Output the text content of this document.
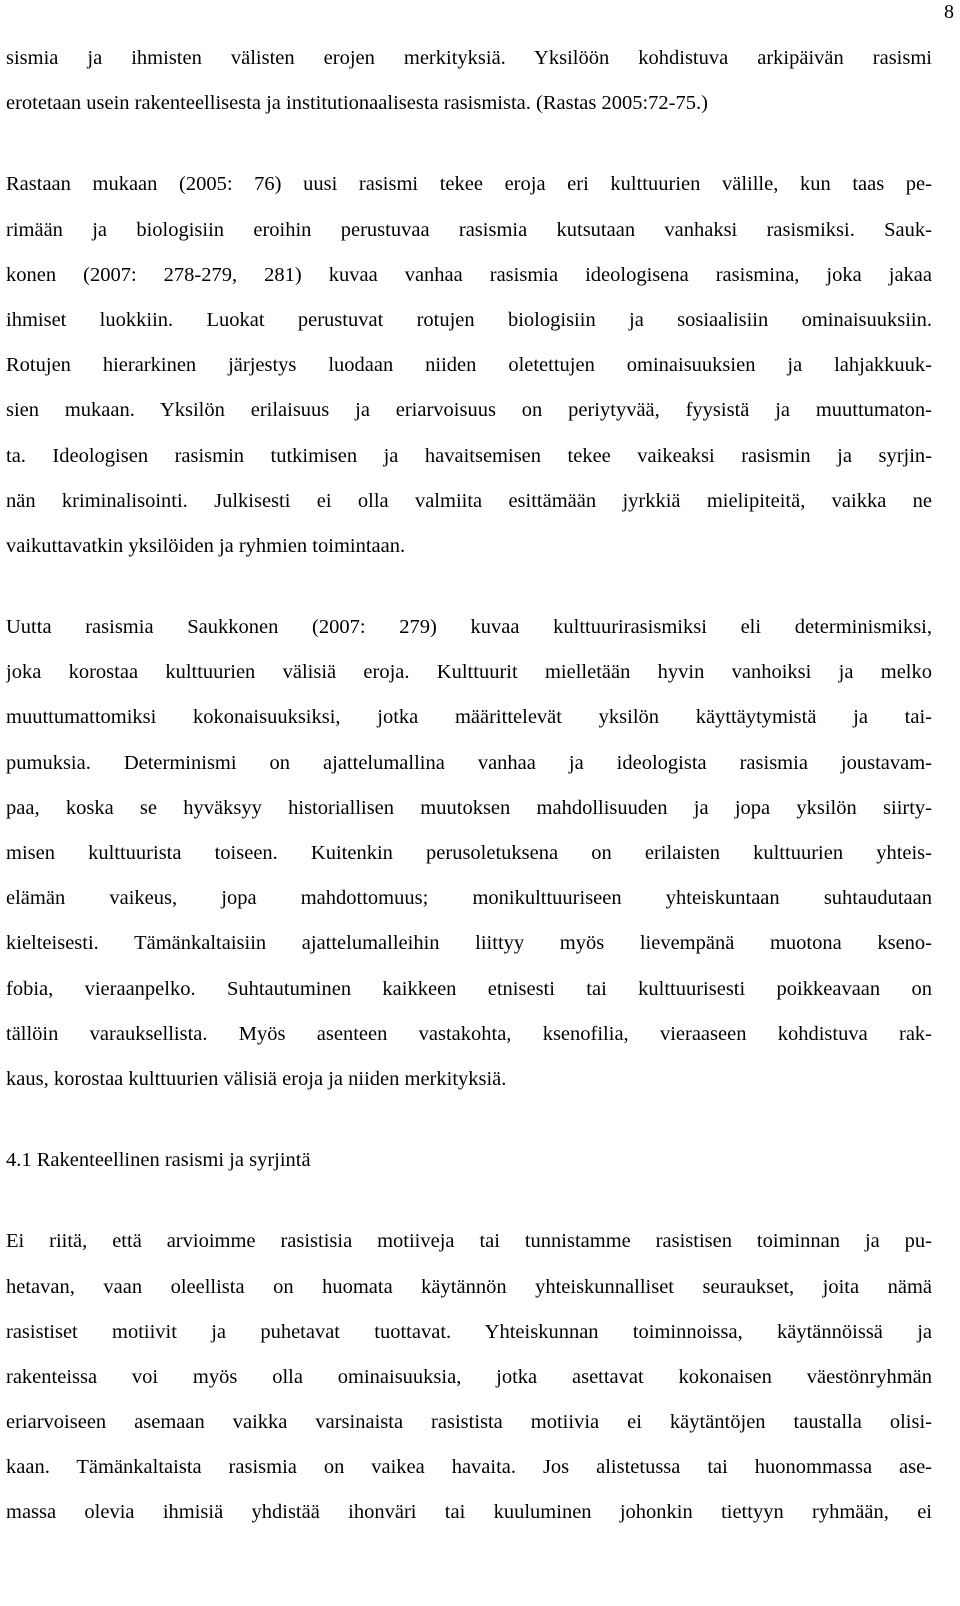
8
sismia ja ihmisten välisten erojen merkityksiä. Yksilöön kohdistuva arkipäivän rasismi
erotetaan usein rakenteellisesta ja institutionaalisesta rasismista. (Rastas 2005:72-75.)
Rastaan mukaan (2005: 76) uusi rasismi tekee eroja eri kulttuurien välille, kun taas pe-
rimään ja biologisiin eroihin perustuvaa rasismia kutsutaan vanhaksi rasismiksi. Sauk-
konen (2007: 278-279, 281) kuvaa vanhaa rasismia ideologisena rasismina, joka jakaa
ihmiset luokkiin. Luokat perustuvat rotujen biologisiin ja sosiaalisiin ominaisuuksiin.
Rotujen hierarkinen järjestys luodaan niiden oletettujen ominaisuuksien ja lahjakkuuk-
sien mukaan. Yksilön erilaisuus ja eriarvoisuus on periytyvää, fyysistä ja muuttumaton-
ta. Ideologisen rasismin tutkimisen ja havaitsemisen tekee vaikeaksi rasismin ja syrjin-
nän kriminalisointi. Julkisesti ei olla valmiita esittämään jyrkkiä mielipiteitä, vaikka ne
vaikuttavatkin yksilöiden ja ryhmien toimintaan.
Uutta rasismia Saukkonen (2007: 279) kuvaa kulttuurirasismiksi eli determinismiksi,
joka korostaa kulttuurien välisiä eroja. Kulttuurit mielletään hyvin vanhoiksi ja melko
muuttumattomiksi kokonaisuuksiksi, jotka määrittelevät yksilön käyttäytymistä ja tai-
pumuksia. Determinismi on ajattelumallina vanhaa ja ideologista rasismia joustavam-
paa, koska se hyväksyy historiallisen muutoksen mahdollisuuden ja jopa yksilön siirty-
misen kulttuurista toiseen. Kuitenkin perusoletuksena on erilaisten kulttuurien yhteis-
elämän vaikeus, jopa mahdottomuus; monikulttuuriseen yhteiskuntaan suhtaudutaan
kielteisesti. Tämänkaltaisiin ajattelumalleihin liittyy myös lievempänä muotona kseno-
fobia, vieraanpelko. Suhtautuminen kaikkeen etnisesti tai kulttuurisesti poikkeavaan on
tällöin varauksellista. Myös asenteen vastakohta, ksenofilia, vieraaseen kohdistuva rak-
kaus, korostaa kulttuurien välisiä eroja ja niiden merkityksiä.
4.1 Rakenteellinen rasismi ja syrjintä
Ei riitä, että arvioimme rasistisia motiiveja tai tunnistamme rasistisen toiminnan ja pu-
hetavan, vaan oleellista on huomata käytännön yhteiskunnalliset seuraukset, joita nämä
rasistiset motiivit ja puhetavat tuottavat. Yhteiskunnan toiminnoissa, käytännöissä ja
rakenteissa voi myös olla ominaisuuksia, jotka asettavat kokonaisen väestönryhmän
eriarvoiseen asemaan vaikka varsinaista rasistista motiivia ei käytäntöjen taustalla olisi-
kaan. Tämänkaltaista rasismia on vaikea havaita. Jos alistetussa tai huonommassa ase-
massa olevia ihmisiä yhdistää ihonväri tai kuuluminen johonkin tiettyyn ryhmään, ei
